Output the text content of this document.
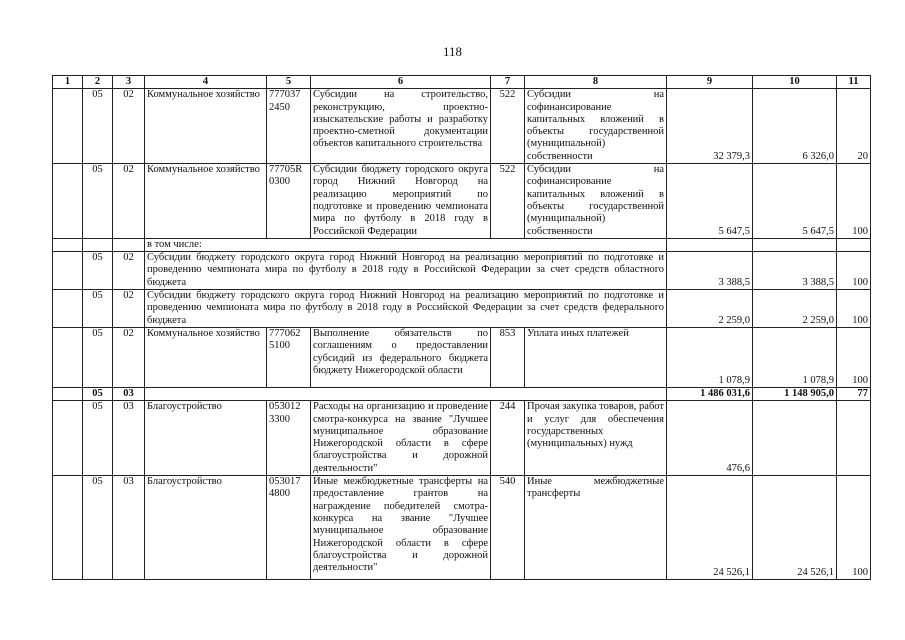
118
1	2	3	4	5	6	7	8	9	10	11
	05	02	Коммунальное хозяйство	777037 2450	Субсидии на строительство, реконструкцию, проектно-изыскательские работы и разработку проектно-сметной документации объектов капитального строительства	522	Субсидии на софинансирование капитальных вложений в объекты государственной (муниципальной) собственности	32 379,3	6 326,0	20
	05	02	Коммунальное хозяйство	77705R 0300	Субсидии бюджету городского округа город Нижний Новгород на реализацию мероприятий по подготовке и проведению чемпионата мира по футболу в 2018 году в Российской Федерации	522	Субсидии на софинансирование капитальных вложений в объекты государственной (муниципальной) собственности	5 647,5	5 647,5	100
			в том числе:							
	05	02	Субсидии бюджету городского округа город Нижний Новгород на реализацию мероприятий по подготовке и проведению чемпионата мира по футболу в 2018 году в Российской Федерации за счет средств областного бюджета					3 388,5	3 388,5	100
	05	02	Субсидии бюджету городского округа город Нижний Новгород на реализацию мероприятий по подготовке и проведению чемпионата мира по футболу в 2018 году в Российской Федерации за счет средств федерального бюджета					2 259,0	2 259,0	100
	05	02	Коммунальное хозяйство	777062 5100	Выполнение обязательств по соглашениям о предоставлении субсидий из федерального бюджета бюджету Нижегородской области	853	Уплата иных платежей	1 078,9	1 078,9	100
	05	03						1 486 031,6	1 148 905,0	77
	05	03	Благоустройство	053012 3300	Расходы на организацию и проведение смотра-конкурса на звание "Лучшее муниципальное образование Нижегородской области в сфере благоустройства и дорожной деятельности"	244	Прочая закупка товаров, работ и услуг для обеспечения государственных (муниципальных) нужд	476,6		
	05	03	Благоустройство	053017 4800	Иные межбюджетные трансферты на предоставление грантов на награждение победителей смотра-конкурса на звание "Лучшее муниципальное образование Нижегородской области в сфере благоустройства и дорожной деятельности"	540	Иные межбюджетные трансферты	24 526,1	24 526,1	100
